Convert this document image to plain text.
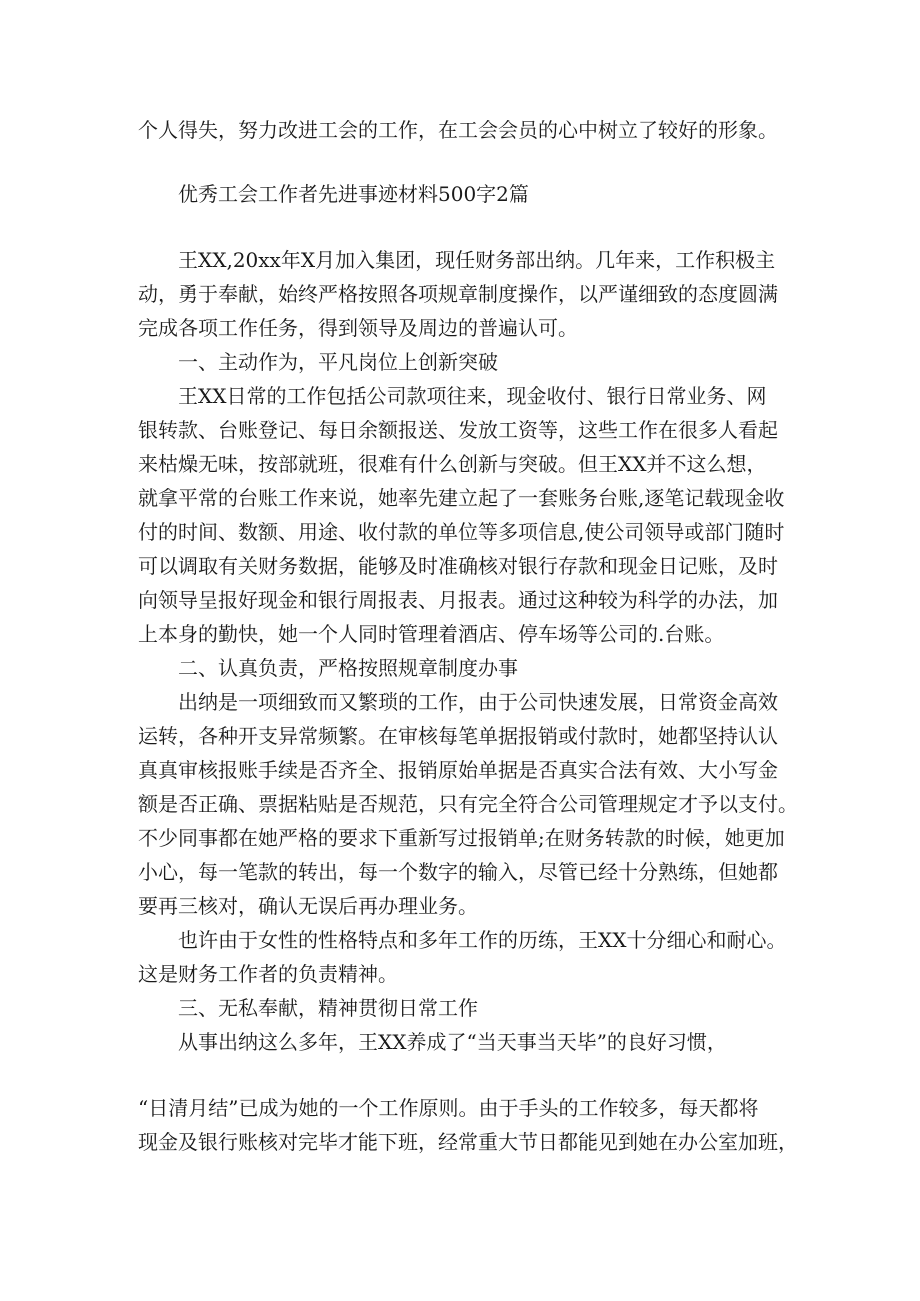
个人得失，努力改进工会的工作，在工会会员的心中树立了较好的形象。
优秀工会工作者先进事迹材料500字2篇
王XX,20xx年X月加入集团，现任财务部出纳。几年来，工作积极主
动，勇于奉献，始终严格按照各项规章制度操作，以严谨细致的态度圆满
完成各项工作任务，得到领导及周边的普遍认可。
一、主动作为，平凡岗位上创新突破
王XX日常的工作包括公司款项往来，现金收付、银行日常业务、网
银转款、台账登记、每日余额报送、发放工资等，这些工作在很多人看起
来枯燥无味，按部就班，很难有什么创新与突破。但王XX并不这么想，
就拿平常的台账工作来说，她率先建立起了一套账务台账,逐笔记载现金收
付的时间、数额、用途、收付款的单位等多项信息,使公司领导或部门随时
可以调取有关财务数据，能够及时准确核对银行存款和现金日记账，及时
向领导呈报好现金和银行周报表、月报表。通过这种较为科学的办法，加
上本身的勤快，她一个人同时管理着酒店、停车场等公司的.台账。
二、认真负责，严格按照规章制度办事
出纳是一项细致而又繁琐的工作，由于公司快速发展，日常资金高效
运转，各种开支异常频繁。在审核每笔单据报销或付款时，她都坚持认认
真真审核报账手续是否齐全、报销原始单据是否真实合法有效、大小写金
额是否正确、票据粘贴是否规范，只有完全符合公司管理规定才予以支付。
不少同事都在她严格的要求下重新写过报销单;在财务转款的时候，她更加
小心，每一笔款的转出，每一个数字的输入，尽管已经十分熟练，但她都
要再三核对，确认无误后再办理业务。
也许由于女性的性格特点和多年工作的历练，王XX十分细心和耐心。
这是财务工作者的负责精神。
三、无私奉献，精神贯彻日常工作
从事出纳这么多年，王XX养成了“当天事当天毕”的良好习惯，
“日清月结”已成为她的一个工作原则。由于手头的工作较多，每天都将
现金及银行账核对完毕才能下班，经常重大节日都能见到她在办公室加班，
